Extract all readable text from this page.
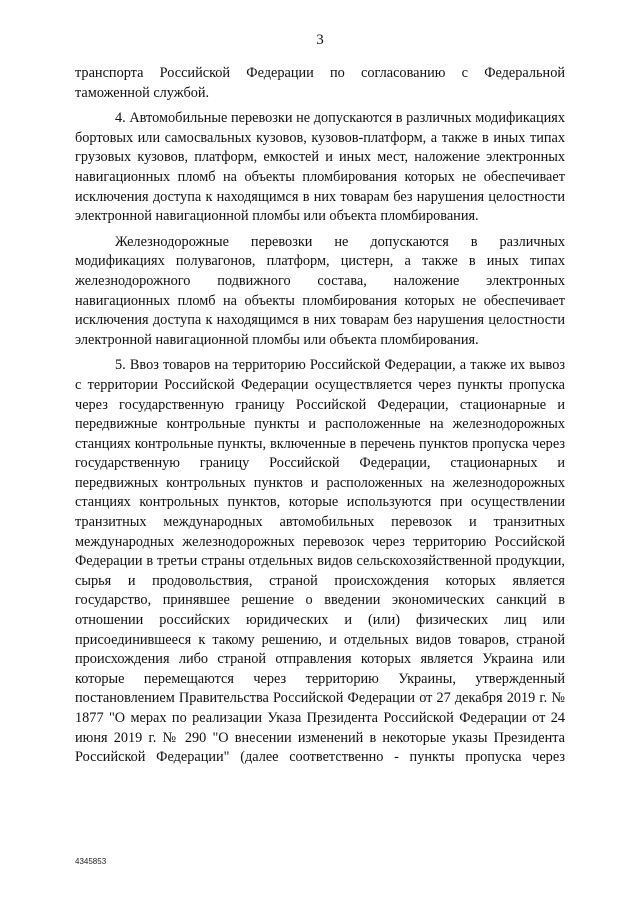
3

транспорта Российской Федерации по согласованию с Федеральной таможенной службой.

4. Автомобильные перевозки не допускаются в различных модификациях бортовых или самосвальных кузовов, кузовов-платформ, а также в иных типах грузовых кузовов, платформ, емкостей и иных мест, наложение электронных навигационных пломб на объекты пломбирования которых не обеспечивает исключения доступа к находящимся в них товарам без нарушения целостности электронной навигационной пломбы или объекта пломбирования.

Железнодорожные перевозки не допускаются в различных модификациях полувагонов, платформ, цистерн, а также в иных типах железнодорожного подвижного состава, наложение электронных навигационных пломб на объекты пломбирования которых не обеспечивает исключения доступа к находящимся в них товарам без нарушения целостности электронной навигационной пломбы или объекта пломбирования.

5. Ввоз товаров на территорию Российской Федерации, а также их вывоз с территории Российской Федерации осуществляется через пункты пропуска через государственную границу Российской Федерации, стационарные и передвижные контрольные пункты и расположенные на железнодорожных станциях контрольные пункты, включенные в перечень пунктов пропуска через государственную границу Российской Федерации, стационарных и передвижных контрольных пунктов и расположенных на железнодорожных станциях контрольных пунктов, которые используются при осуществлении транзитных международных автомобильных перевозок и транзитных международных железнодорожных перевозок через территорию Российской Федерации в третьи страны отдельных видов сельскохозяйственной продукции, сырья и продовольствия, страной происхождения которых является государство, принявшее решение о введении экономических санкций в отношении российских юридических и (или) физических лиц или присоединившееся к такому решению, и отдельных видов товаров, страной происхождения либо страной отправления которых является Украина или которые перемещаются через территорию Украины, утвержденный постановлением Правительства Российской Федерации от 27 декабря 2019 г. № 1877 "О мерах по реализации Указа Президента Российской Федерации от 24 июня 2019 г. № 290 "О внесении изменений в некоторые указы Президента Российской Федерации" (далее соответственно - пункты пропуска через

4345853
